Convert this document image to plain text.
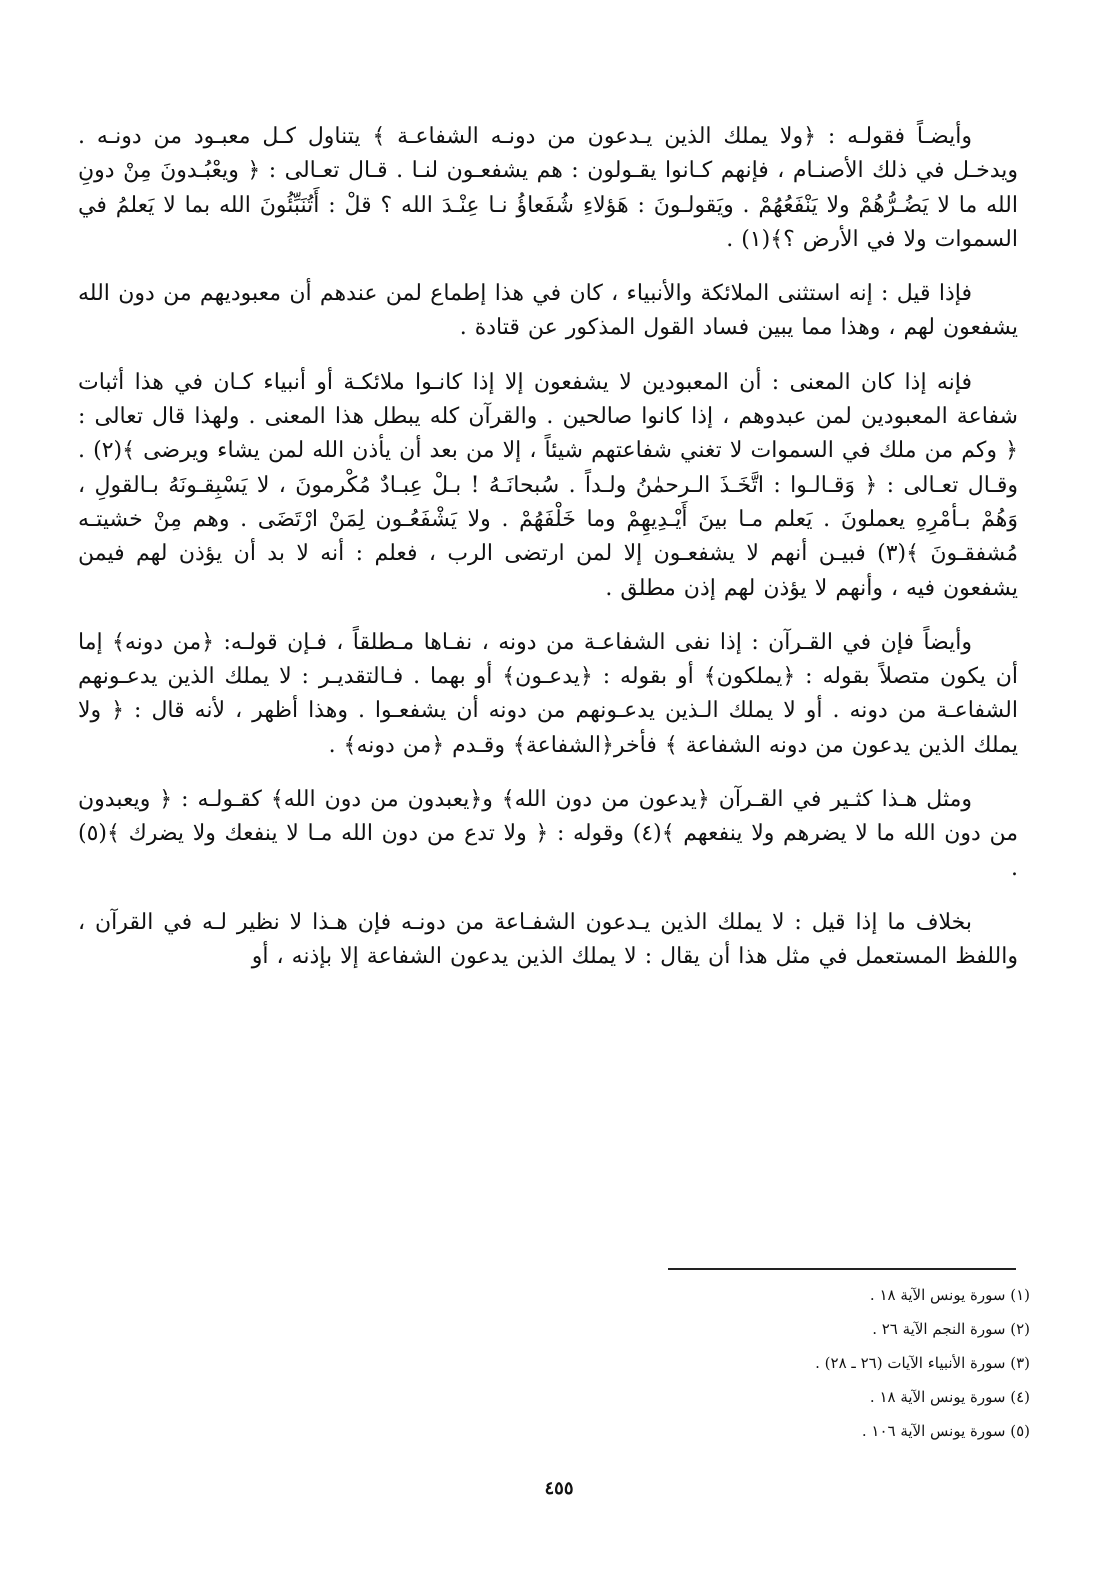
وأيضـاً فقولـه : ﴿ولا يملك الذين يـدعون من دونـه الشفاعـة ﴾ يتناول كـل معبـود من دونـه . ويدخـل في ذلك الأصنـام ، فإنهم كـانوا يقـولون : هم يشفعـون لنـا . قـال تعـالى : ﴿ ويعْبُـدونَ مِنْ دونِ الله ما لا يَضُـرُّهُمْ ولا يَنْفَعُهُمْ . ويَقولـونَ : هَؤلاءِ شُفَعاؤُ نـا عِنْـدَ الله ؟ قلْ : أَتُنَبِّئُونَ الله بما لا يَعلمُ في السموات ولا في الأرض ؟﴾(١) .

فإذا قيل : إنه استثنى الملائكة والأنبياء ، كان في هذا إطماع لمن عندهم أن معبوديهم من دون الله يشفعون لهم ، وهذا مما يبين فساد القول المذكور عن قتادة .

فإنه إذا كان المعنى : أن المعبودين لا يشفعون إلا إذا كانـوا ملائكـة أو أنبياء كـان في هذا أثبات شفاعة المعبودين لمن عبدوهم ، إذا كانوا صالحين . والقرآن كله يبطل هذا المعنى . ولهذا قال تعالى : ﴿ وكم من ملك في السموات لا تغني شفاعتهم شيئاً ، إلا من بعد أن يأذن الله لمن يشاء ويرضى ﴾(٢) . وقـال تعـالى : ﴿ وَقـالـوا : اتَّخَـذَ الـرحمٰنُ ولـداً . سُبحانَـهُ ! بـلْ عِبـادٌ مُكْرمونَ ، لا يَسْبِقـونَهُ بـالقولِ ، وَهُمْ بـأمْرِهِ يعملونَ . يَعلم مـا بينَ أَيْـدِيهِمْ وما خَلْفَهُمْ . ولا يَشْفَعُـون لِمَنْ ارْتَضَى . وهم مِنْ خشيتـه مُشفقـونَ ﴾(٣) فبيـن أنهم لا يشفعـون إلا لمن ارتضى الرب ، فعلم : أنه لا بد أن يؤذن لهم فيمن يشفعون فيه ، وأنهم لا يؤذن لهم إذن مطلق .

وأيضاً فإن في القـرآن : إذا نفى الشفاعـة من دونه ، نفـاها مـطلقاً ، فـإن قولـه: ﴿من دونه﴾ إما أن يكون متصلاً بقوله : ﴿يملكون﴾ أو بقوله : ﴿يدعـون﴾ أو بهما . فـالتقديـر : لا يملك الذين يدعـونهم الشفاعـة من دونه . أو لا يملك الـذين يدعـونهم من دونه أن يشفعـوا . وهذا أظهر ، لأنه قال : ﴿ ولا يملك الذين يدعون من دونه الشفاعة ﴾ فأخر﴿الشفاعة﴾ وقـدم ﴿من دونه﴾ .

ومثل هـذا كثـير في القـرآن ﴿يدعون من دون الله﴾ و﴿يعبدون من دون الله﴾ كقـولـه : ﴿ ويعبدون من دون الله ما لا يضرهم ولا ينفعهم ﴾(٤) وقوله : ﴿ ولا تدع من دون الله مـا لا ينفعك ولا يضرك ﴾(٥) .

بخلاف ما إذا قيل : لا يملك الذين يـدعون الشفـاعة من دونـه فإن هـذا لا نظير لـه في القرآن ، واللفظ المستعمل في مثل هذا أن يقال : لا يملك الذين يدعون الشفاعة إلا بإذنه ، أو

(١) سورة يونس الآية ١٨ .

(٢) سورة النجم الآية ٢٦ .

(٣) سورة الأنبياء الآيات (٢٦ ـ ٢٨) .

(٤) سورة يونس الآية ١٨ .

(٥) سورة يونس الآية ١٠٦ .

٤٥٥
